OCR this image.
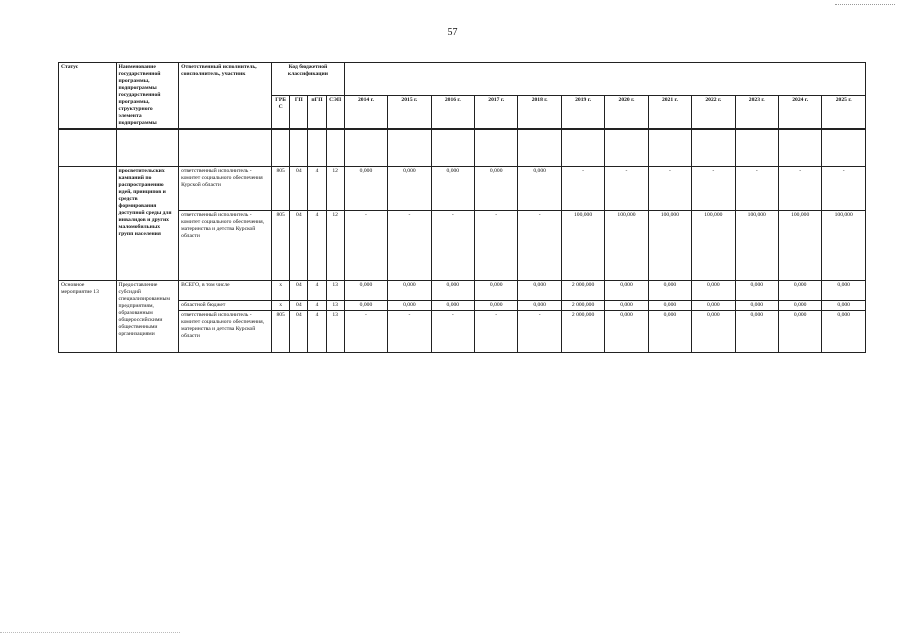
57
Статус	Наименование государственной программы, подпрограммы государственной программы, структурного элемента подпрограммы	Ответственный исполнитель, соисполнитель, участник	Код бюджетной классификации															
			ГРБС	ГП	пГП	СЭП	2014 г.	2015 г.	2016 г.	2017 г.	2018 г.	2019 г.	2020 г.	2021 г.	2022 г.	2023 г.	2024 г.	2025 г.

	просветительских кампаний по распространению идей, принципов и средств формирования доступной среды для инвалидов и других маломобильных групп населения	ответственный исполнитель - комитет социального обеспечения Курской области	805	04	4	12	0,000	0,000	0,000	0,000	0,000	-	-	-	-	-	-	-
		ответственный исполнитель - комитет социального обеспечения, материнства и детства Курской области	805	04	4	12	-	-	-	-	-	100,000	100,000	100,000	100,000	100,000	100,000	100,000
Основное мероприятие 13	Предоставление субсидий специализированным предприятиям, образованным общероссийскими общественными организациями	ВСЕГО, в том числе	х	04	4	13	0,000	0,000	0,000	0,000	0,000	2 000,000	0,000	0,000	0,000	0,000	0,000	0,000
		областной бюджет	х	04	4	13	0,000	0,000	0,000	0,000	0,000	2 000,000	0,000	0,000	0,000	0,000	0,000	0,000
		ответственный исполнитель - комитет социального обеспечения, материнства и детства Курской области	805	04	4	13	-	-	-	-	-	2 000,000	0,000	0,000	0,000	0,000	0,000	0,000
